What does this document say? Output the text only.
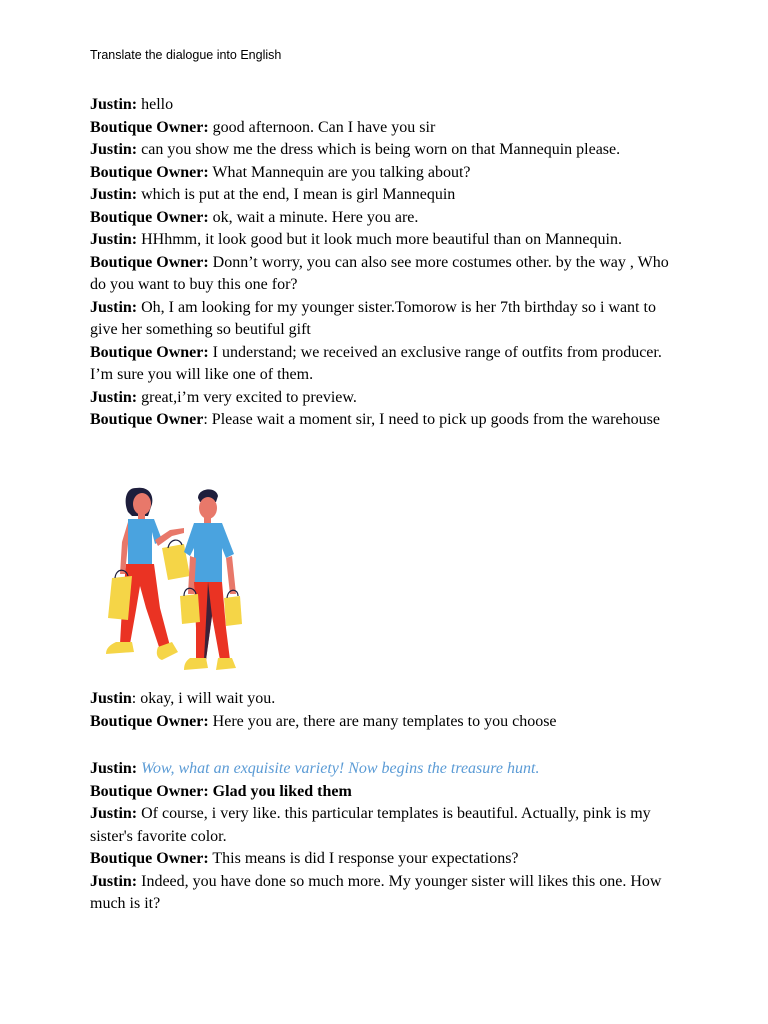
Translate the dialogue into English

Justin: hello

Boutique Owner: good afternoon. Can I have you sir

Justin: can you show me the dress which is being worn on that Mannequin please.

Boutique Owner: What Mannequin are you talking about?

Justin: which is put at the end, I mean is girl Mannequin

Boutique Owner: ok, wait a minute. Here you are.

Justin: HHhmm, it look good but it look much more beautiful than on Mannequin.

Boutique Owner: Donn’t worry, you can also see more costumes other. by the way , Who do you want to buy this one for?

Justin: Oh, I am looking for my younger sister.Tomorow is her 7th birthday so i want to give her something so beutiful gift

Boutique Owner: I understand; we received an exclusive range of outfits from producer. I’m sure you will like one of them.

Justin: great,i’m very excited to preview.

Boutique Owner: Please wait a moment sir, I need to pick up goods from the warehouse

Justin: okay, i will wait you.

Boutique Owner: Here you are, there are many templates to you choose

Justin: Wow, what an exquisite variety! Now begins the treasure hunt.

Boutique Owner: Glad you liked them

Justin: Of course, i very like. this particular templates is beautiful. Actually, pink is my sister's favorite color.

Boutique Owner: This means is did I response your expectations?

Justin: Indeed, you have done so much more. My younger sister will likes this one. How much is it?
